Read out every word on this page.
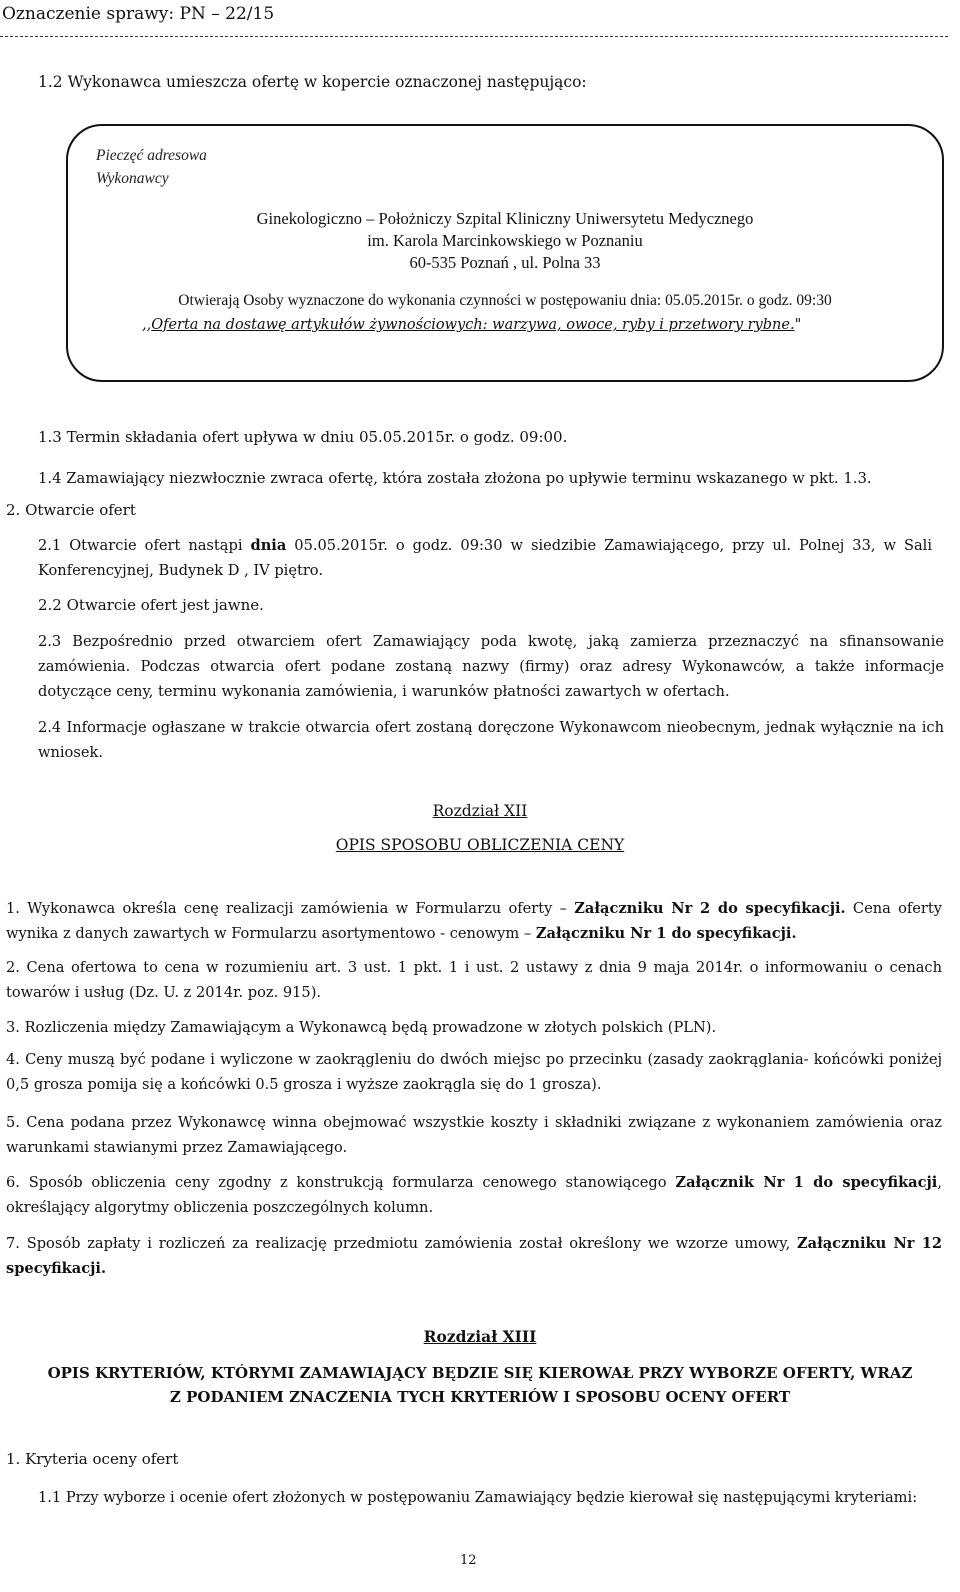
Oznaczenie sprawy: PN – 22/15
1.2 Wykonawca umieszcza ofertę w kopercie oznaczonej następująco:
Pieczęć adresowa
Wykonawcy
Ginekologiczno – Położniczy Szpital Kliniczny Uniwersytetu Medycznego
im. Karola Marcinkowskiego w Poznaniu
60-535 Poznań , ul. Polna 33
Otwierają Osoby wyznaczone do wykonania czynności w postępowaniu dnia: 05.05.2015r. o godz. 09:30
,,Oferta na dostawę artykułów żywnościowych: warzywa, owoce, ryby i przetwory rybne."
1.3 Termin składania ofert upływa w dniu 05.05.2015r. o godz. 09:00.
1.4 Zamawiający niezwłocznie zwraca ofertę, która została złożona po upływie terminu wskazanego w pkt. 1.3.
2. Otwarcie ofert
2.1 Otwarcie ofert nastąpi dnia 05.05.2015r. o godz. 09:30 w siedzibie Zamawiającego, przy ul. Polnej 33, w Sali Konferencyjnej, Budynek D , IV piętro.
2.2 Otwarcie ofert jest jawne.
2.3 Bezpośrednio przed otwarciem ofert Zamawiający poda kwotę, jaką zamierza przeznaczyć na sfinansowanie zamówienia. Podczas otwarcia ofert podane zostaną nazwy (firmy) oraz adresy Wykonawców, a także informacje dotyczące ceny, terminu wykonania zamówienia, i warunków płatności zawartych w ofertach.
2.4 Informacje ogłaszane w trakcie otwarcia ofert zostaną doręczone Wykonawcom nieobecnym, jednak wyłącznie na ich wniosek.
Rozdział XII
OPIS SPOSOBU OBLICZENIA CENY
1. Wykonawca określa cenę realizacji zamówienia w Formularzu oferty – Załączniku Nr 2 do specyfikacji. Cena oferty wynika z danych zawartych w Formularzu asortymentowo - cenowym – Załączniku Nr 1 do specyfikacji.
2. Cena ofertowa to cena w rozumieniu art. 3 ust. 1 pkt. 1 i ust. 2 ustawy z dnia 9 maja 2014r. o informowaniu o cenach towarów i usług (Dz. U. z 2014r. poz. 915).
3. Rozliczenia między Zamawiającym a Wykonawcą będą prowadzone w złotych polskich (PLN).
4. Ceny muszą być podane i wyliczone w zaokrągleniu do dwóch miejsc po przecinku (zasady zaokrąglania- końcówki poniżej 0,5 grosza pomija się a końcówki 0.5 grosza i wyższe zaokrągla się do 1 grosza).
5. Cena podana przez Wykonawcę winna obejmować wszystkie koszty i składniki związane z wykonaniem zamówienia oraz warunkami stawianymi przez Zamawiającego.
6. Sposób obliczenia ceny zgodny z konstrukcją formularza cenowego stanowiącego Załącznik Nr 1 do specyfikacji, określający algorytmy obliczenia poszczególnych kolumn.
7. Sposób zapłaty i rozliczeń za realizację przedmiotu zamówienia został określony we wzorze umowy, Załączniku Nr 12 specyfikacji.
Rozdział XIII
OPIS KRYTERIÓW, KTÓRYMI ZAMAWIAJĄCY BĘDZIE SIĘ KIEROWAŁ PRZY WYBORZE OFERTY, WRAZ
Z PODANIEM ZNACZENIA TYCH KRYTERIÓW I SPOSOBU OCENY OFERT
1. Kryteria oceny ofert
1.1 Przy wyborze i ocenie ofert złożonych w postępowaniu Zamawiający będzie kierował się następującymi kryteriami:
12
